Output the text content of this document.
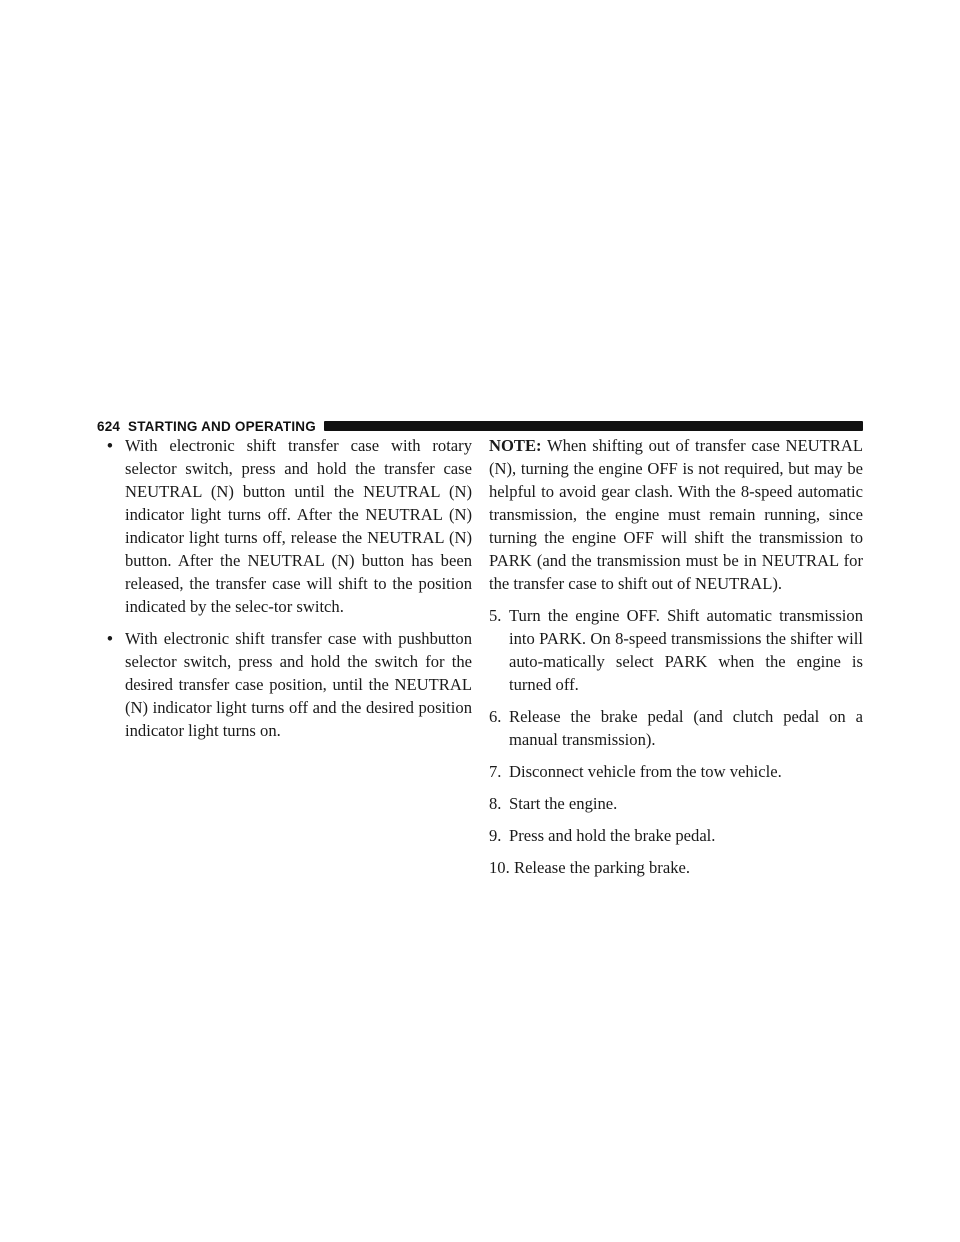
624 STARTING AND OPERATING
• With electronic shift transfer case with rotary selector switch, press and hold the transfer case NEUTRAL (N) button until the NEUTRAL (N) indicator light turns off. After the NEUTRAL (N) indicator light turns off, release the NEUTRAL (N) button. After the NEUTRAL (N) button has been released, the transfer case will shift to the position indicated by the selec-tor switch.
• With electronic shift transfer case with pushbutton selector switch, press and hold the switch for the desired transfer case position, until the NEUTRAL (N) indicator light turns off and the desired position indicator light turns on.

NOTE: When shifting out of transfer case NEUTRAL (N), turning the engine OFF is not required, but may be helpful to avoid gear clash. With the 8-speed automatic transmission, the engine must remain running, since turning the engine OFF will shift the transmission to PARK (and the transmission must be in NEUTRAL for the transfer case to shift out of NEUTRAL).

5. Turn the engine OFF. Shift automatic transmission into PARK. On 8-speed transmissions the shifter will auto-matically select PARK when the engine is turned off.
6. Release the brake pedal (and clutch pedal on a manual transmission).
7. Disconnect vehicle from the tow vehicle.
8. Start the engine.
9. Press and hold the brake pedal.
10. Release the parking brake.
